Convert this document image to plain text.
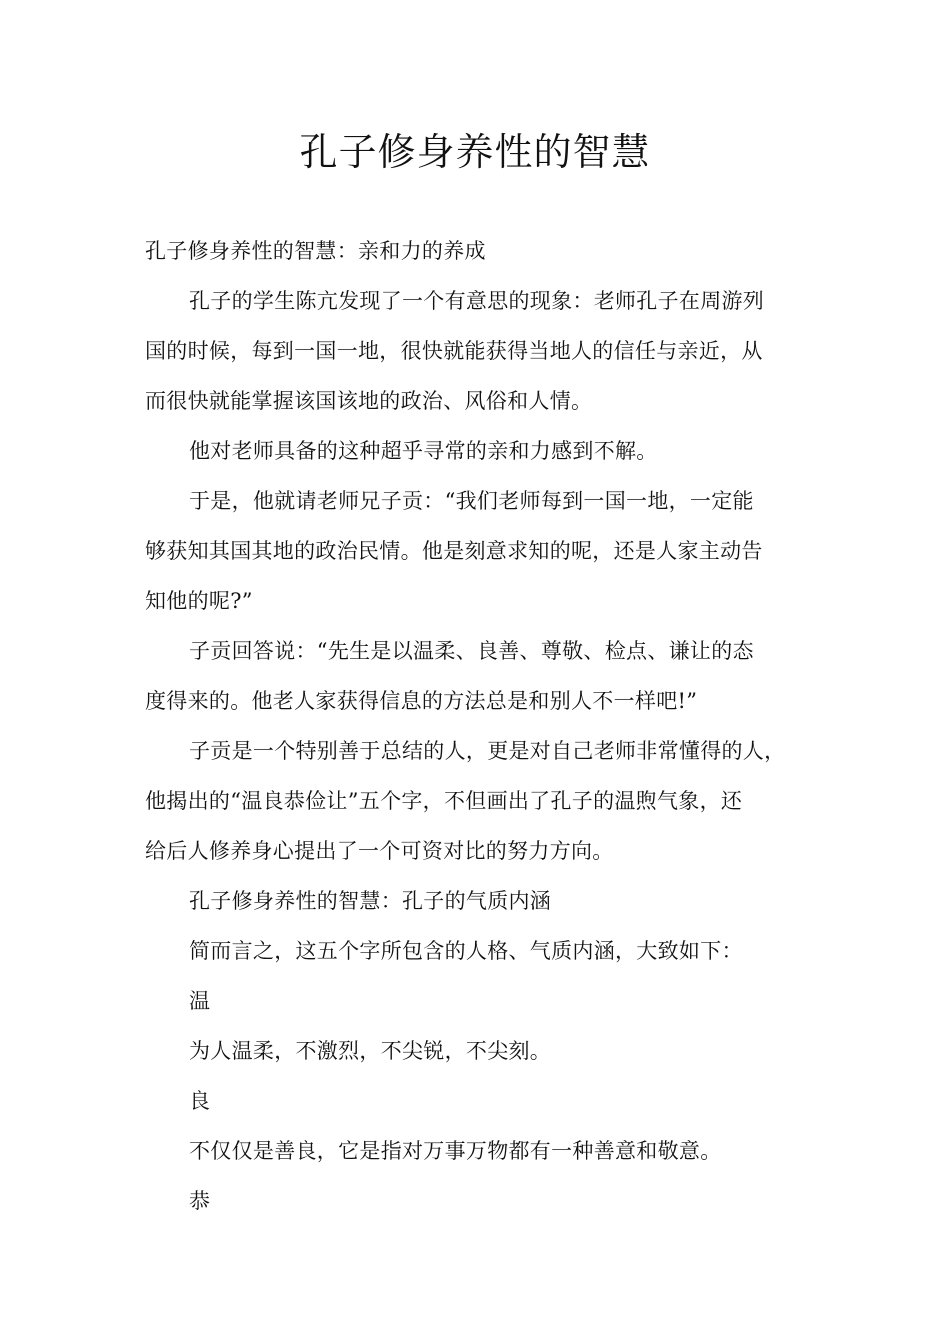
孔子修身养性的智慧
孔子修身养性的智慧：亲和力的养成
孔子的学生陈亢发现了一个有意思的现象：老师孔子在周游列
国的时候，每到一国一地，很快就能获得当地人的信任与亲近，从
而很快就能掌握该国该地的政治、风俗和人情。
他对老师具备的这种超乎寻常的亲和力感到不解。
于是，他就请老师兄子贡：“我们老师每到一国一地，一定能
够获知其国其地的政治民情。他是刻意求知的呢，还是人家主动告
知他的呢?”
子贡回答说：“先生是以温柔、良善、尊敬、检点、谦让的态
度得来的。他老人家获得信息的方法总是和别人不一样吧!”
子贡是一个特别善于总结的人，更是对自己老师非常懂得的人，
他揭出的“温良恭俭让”五个字，不但画出了孔子的温煦气象，还
给后人修养身心提出了一个可资对比的努力方向。
孔子修身养性的智慧：孔子的气质内涵
简而言之，这五个字所包含的人格、气质内涵，大致如下：
温
为人温柔，不激烈，不尖锐，不尖刻。
良
不仅仅是善良，它是指对万事万物都有一种善意和敬意。
恭
